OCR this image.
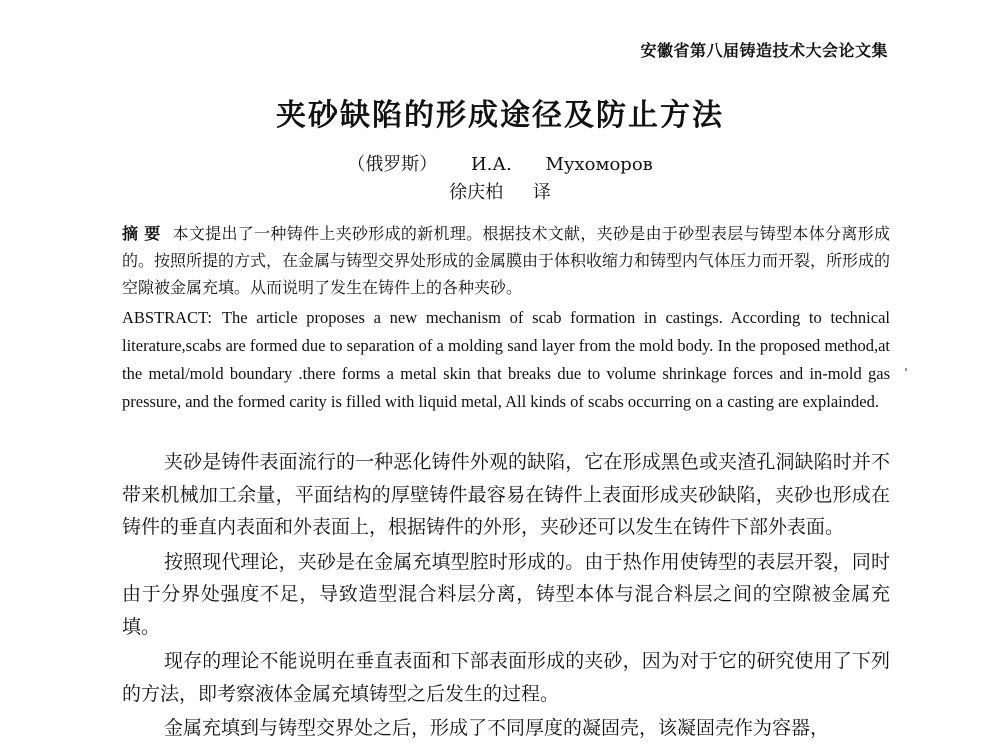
安徽省第八届铸造技术大会论文集
夹砂缺陷的形成途径及防止方法
（俄罗斯） И.А. Мухоморов
徐庆柏 译
摘 要 本文提出了一种铸件上夹砂形成的新机理。根据技术文献，夹砂是由于砂型表层与铸型本体分离形成的。按照所提的方式，在金属与铸型交界处形成的金属膜由于体积收缩力和铸型内气体压力而开裂，所形成的空隙被金属充填。从而说明了发生在铸件上的各种夹砂。
ABSTRACT: The article proposes a new mechanism of scab formation in castings. According to technical literature,scabs are formed due to separation of a molding sand layer from the mold body. In the proposed method,at the metal/mold boundary .there forms a metal skin that breaks due to volume shrinkage forces and in-mold gas pressure, and the formed carity is filled with liquid metal, All kinds of scabs occurring on a casting are explainded.

夹砂是铸件表面流行的一种恶化铸件外观的缺陷，它在形成黑色或夹渣孔洞缺陷时并不带来机械加工余量，平面结构的厚壁铸件最容易在铸件上表面形成夹砂缺陷，夹砂也形成在铸件的垂直内表面和外表面上，根据铸件的外形，夹砂还可以发生在铸件下部外表面。

按照现代理论，夹砂是在金属充填型腔时形成的。由于热作用使铸型的表层开裂，同时由于分界处强度不足，导致造型混合料层分离，铸型本体与混合料层之间的空隙被金属充填。

现存的理论不能说明在垂直表面和下部表面形成的夹砂，因为对于它的研究使用了下列的方法，即考察液体金属充填铸型之后发生的过程。

金属充填到与铸型交界处之后，形成了不同厚度的凝固壳，该凝固壳作为容器，
